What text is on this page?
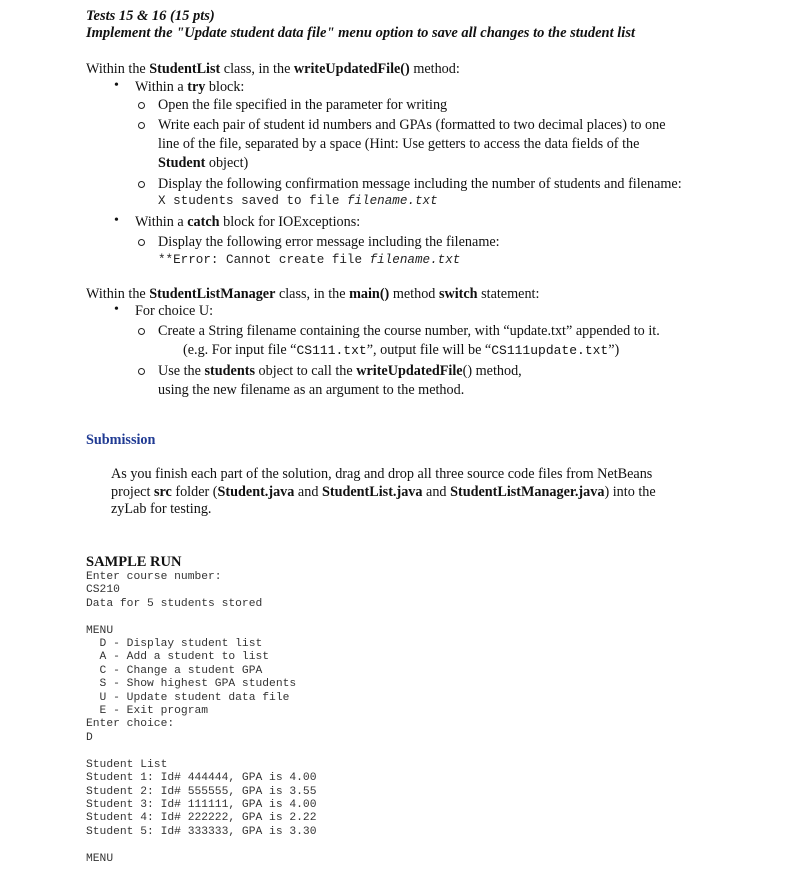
Tests 15 & 16 (15 pts)

Implement the "Update student data file" menu option to save all changes to the student list

Within the StudentList class, in the writeUpdatedFile() method:

• Within a try block:

Open the file specified in the parameter for writing

Write each pair of student id numbers and GPAs (formatted to two decimal places) to one

line of the file, separated by a space (Hint: Use getters to access the data fields of the

Student object)

Display the following confirmation message including the number of students and filename:

X students saved to file filename.txt

• Within a catch block for IOExceptions:

Display the following error message including the filename:

**Error: Cannot create file filename.txt

Within the StudentListManager class, in the main() method switch statement:

• For choice U:

Create a String filename containing the course number, with “update.txt” appended to it.

(e.g. For input file “CS111.txt”, output file will be “CS111update.txt”)

Use the students object to call the writeUpdatedFile() method,

using the new filename as an argument to the method.

Submission

As you finish each part of the solution, drag and drop all three source code files from NetBeans

project src folder (Student.java and StudentList.java and StudentListManager.java) into the

zyLab for testing.

SAMPLE RUN

Enter course number:
CS210
Data for 5 students stored

MENU
D - Display student list
A - Add a student to list
C - Change a student GPA
S - Show highest GPA students
U - Update student data file
E - Exit program
Enter choice:
D

Student List
Student 1: Id# 444444, GPA is 4.00
Student 2: Id# 555555, GPA is 3.55
Student 3: Id# 111111, GPA is 4.00
Student 4: Id# 222222, GPA is 2.22
Student 5: Id# 333333, GPA is 3.30

MENU
